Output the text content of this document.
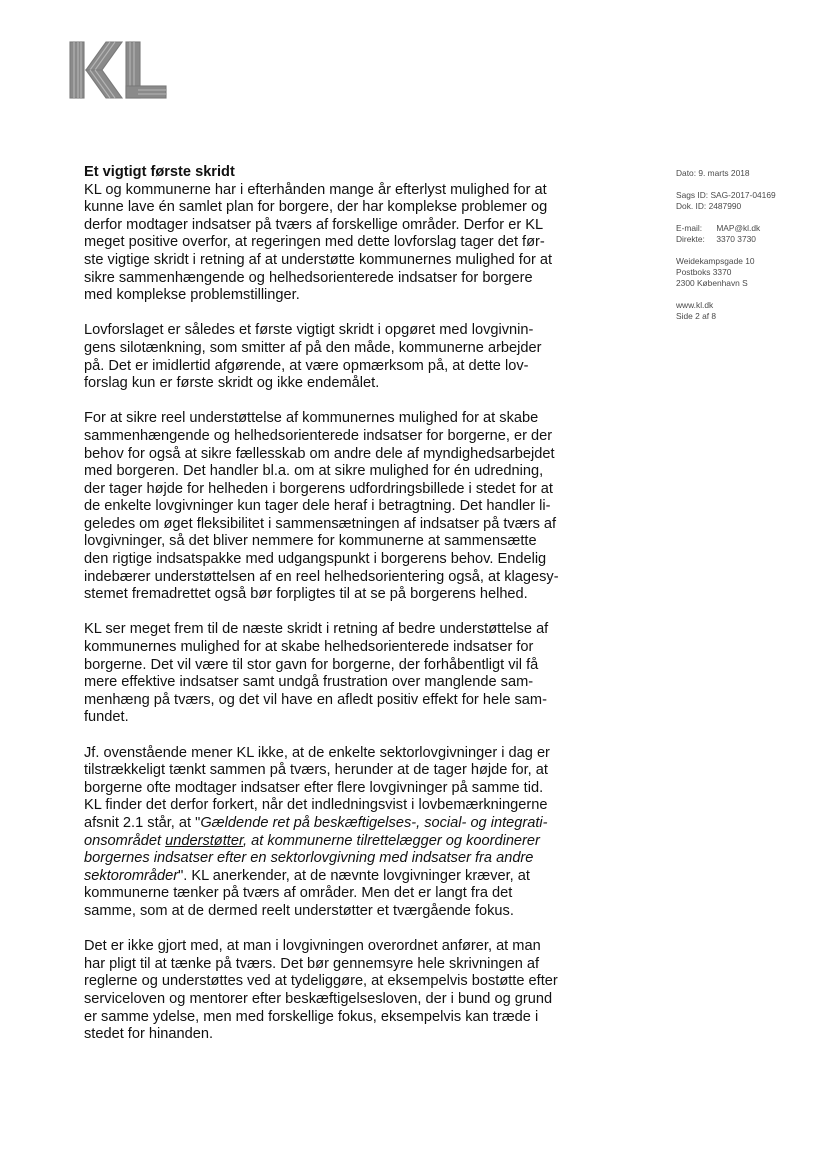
Dato: 9. marts 2018
Sags ID: SAG-2017-04169
Dok. ID: 2487990
E-mail: MAP@kl.dk
Direkte: 3370 3730
Weidekampsgade 10
Postboks 3370
2300 København S
www.kl.dk
Side 2 af 8

Et vigtigt første skridt

KL og kommunerne har i efterhånden mange år efterlyst mulighed for at
kunne lave én samlet plan for borgere, der har komplekse problemer og
derfor modtager indsatser på tværs af forskellige områder. Derfor er KL
meget positive overfor, at regeringen med dette lovforslag tager det før-
ste vigtige skridt i retning af at understøtte kommunernes mulighed for at
sikre sammenhængende og helhedsorienterede indsatser for borgere
med komplekse problemstillinger.
Lovforslaget er således et første vigtigt skridt i opgøret med lovgivnin-
gens silotænkning, som smitter af på den måde, kommunerne arbejder
på. Det er imidlertid afgørende, at være opmærksom på, at dette lov-
forslag kun er første skridt og ikke endemålet.
For at sikre reel understøttelse af kommunernes mulighed for at skabe
sammenhængende og helhedsorienterede indsatser for borgerne, er der
behov for også at sikre fællesskab om andre dele af myndighedsarbejdet
med borgeren. Det handler bl.a. om at sikre mulighed for én udredning,
der tager højde for helheden i borgerens udfordringsbillede i stedet for at
de enkelte lovgivninger kun tager dele heraf i betragtning. Det handler li-
geledes om øget fleksibilitet i sammensætningen af indsatser på tværs af
lovgivninger, så det bliver nemmere for kommunerne at sammensætte
den rigtige indsatspakke med udgangspunkt i borgerens behov. Endelig
indebærer understøttelsen af en reel helhedsorientering også, at klagesy-
stemet fremadrettet også bør forpligtes til at se på borgerens helhed.
KL ser meget frem til de næste skridt i retning af bedre understøttelse af
kommunernes mulighed for at skabe helhedsorienterede indsatser for
borgerne. Det vil være til stor gavn for borgerne, der forhåbentligt vil få
mere effektive indsatser samt undgå frustration over manglende sam-
menhæng på tværs, og det vil have en afledt positiv effekt for hele sam-
fundet.
Jf. ovenstående mener KL ikke, at de enkelte sektorlovgivninger i dag er
tilstrækkeligt tænkt sammen på tværs, herunder at de tager højde for, at
borgerne ofte modtager indsatser efter flere lovgivninger på samme tid.
KL finder det derfor forkert, når det indledningsvist i lovbemærkningerne
afsnit 2.1 står, at "Gældende ret på beskæftigelses-, social- og integrati-
onsområdet understøtter, at kommunerne tilrettelægger og koordinerer
borgernes indsatser efter en sektorlovgivning med indsatser fra andre
sektorområder". KL anerkender, at de nævnte lovgivninger kræver, at
kommunerne tænker på tværs af områder. Men det er langt fra det
samme, som at de dermed reelt understøtter et tværgående fokus.
Det er ikke gjort med, at man i lovgivningen overordnet anfører, at man
har pligt til at tænke på tværs. Det bør gennemsyre hele skrivningen af
reglerne og understøttes ved at tydeliggøre, at eksempelvis bostøtte efter
serviceloven og mentorer efter beskæftigelsesloven, der i bund og grund
er samme ydelse, men med forskellige fokus, eksempelvis kan træde i
stedet for hinanden.
